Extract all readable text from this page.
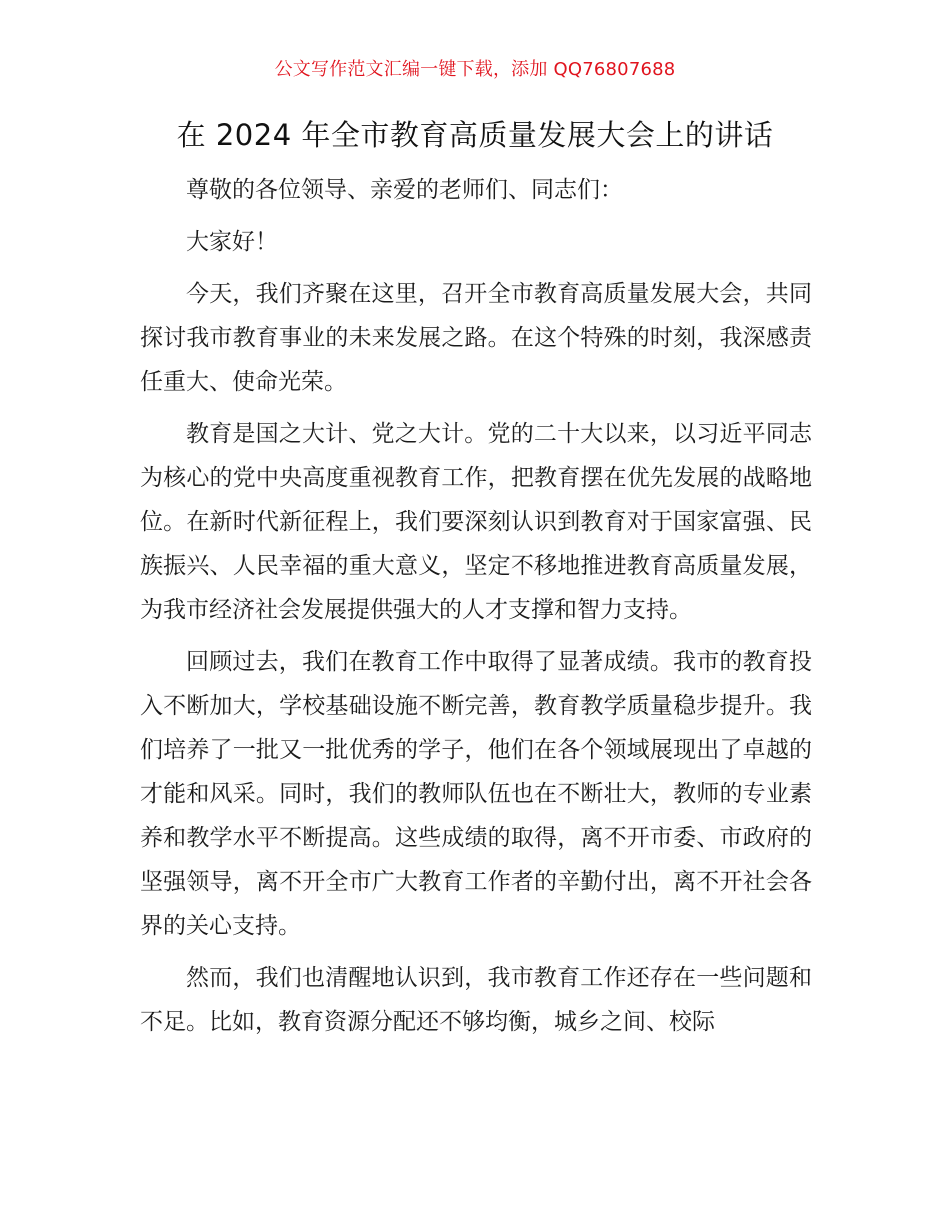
公文写作范文汇编一键下载，添加 QQ76807688
在 2024 年全市教育高质量发展大会上的讲话

尊敬的各位领导、亲爱的老师们、同志们：

大家好！

今天，我们齐聚在这里，召开全市教育高质量发展大会，共同探讨我市教育事业的未来发展之路。在这个特殊的时刻，我深感责任重大、使命光荣。

教育是国之大计、党之大计。党的二十大以来，以习近平同志为核心的党中央高度重视教育工作，把教育摆在优先发展的战略地位。在新时代新征程上，我们要深刻认识到教育对于国家富强、民族振兴、人民幸福的重大意义，坚定不移地推进教育高质量发展，为我市经济社会发展提供强大的人才支撑和智力支持。

回顾过去，我们在教育工作中取得了显著成绩。我市的教育投入不断加大，学校基础设施不断完善，教育教学质量稳步提升。我们培养了一批又一批优秀的学子，他们在各个领域展现出了卓越的才能和风采。同时，我们的教师队伍也在不断壮大，教师的专业素养和教学水平不断提高。这些成绩的取得，离不开市委、市政府的坚强领导，离不开全市广大教育工作者的辛勤付出，离不开社会各界的关心支持。

然而，我们也清醒地认识到，我市教育工作还存在一些问题和不足。比如，教育资源分配还不够均衡，城乡之间、校际
